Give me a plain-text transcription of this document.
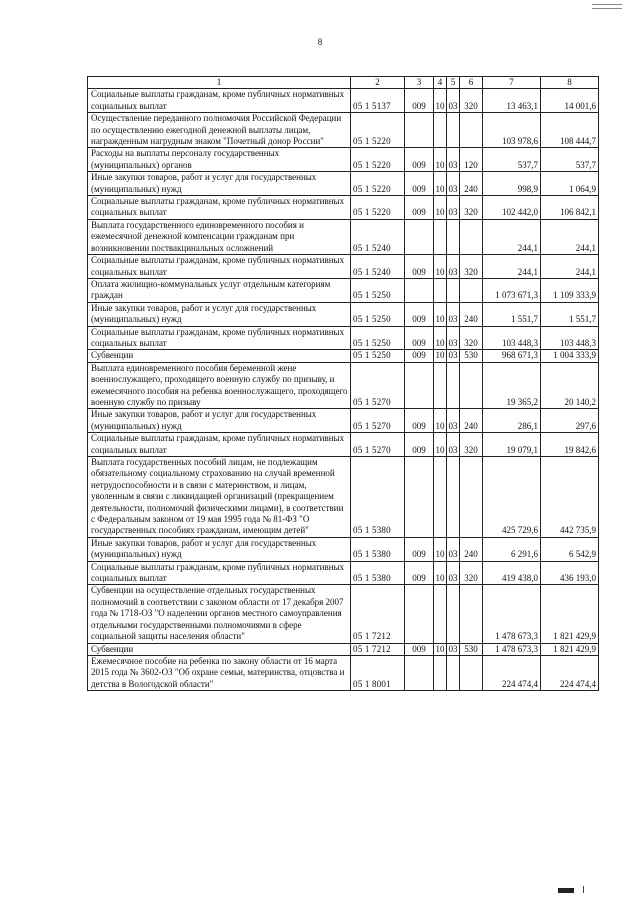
8
1	2	3	4	5	6	7	8
Социальные выплаты гражданам, кроме публичных нормативных социальных выплат	05 1 5137	009	10	03	320	13 463,1	14 001,6
Осуществление переданного полномочия Российской Федерации по осуществлению ежегодной денежной выплаты лицам, награжденным нагрудным знаком "Почетный донор России"	05 1 5220					103 978,6	108 444,7
Расходы на выплаты персоналу государственных (муниципальных) органов	05 1 5220	009	10	03	120	537,7	537,7
Иные закупки товаров, работ и услуг для государственных (муниципальных) нужд	05 1 5220	009	10	03	240	998,9	1 064,9
Социальные выплаты гражданам, кроме публичных нормативных социальных выплат	05 1 5220	009	10	03	320	102 442,0	106 842,1
Выплата государственного единовременного пособия и ежемесячной денежной компенсации гражданам при возникновении поствакцинальных осложнений	05 1 5240					244,1	244,1
Социальные выплаты гражданам, кроме публичных нормативных социальных выплат	05 1 5240	009	10	03	320	244,1	244,1
Оплата жилищно-коммунальных услуг отдельным категориям граждан	05 1 5250					1 073 671,3	1 109 333,9
Иные закупки товаров, работ и услуг для государственных (муниципальных) нужд	05 1 5250	009	10	03	240	1 551,7	1 551,7
Социальные выплаты гражданам, кроме публичных нормативных социальных выплат	05 1 5250	009	10	03	320	103 448,3	103 448,3
Субвенции	05 1 5250	009	10	03	530	968 671,3	1 004 333,9
Выплата единовременного пособия беременной жене военнослужащего, проходящего военную службу по призыву, и ежемесячного пособия на ребенка военнослужащего, проходящего военную службу по призыву	05 1 5270					19 365,2	20 140,2
Иные закупки товаров, работ и услуг для государственных (муниципальных) нужд	05 1 5270	009	10	03	240	286,1	297,6
Социальные выплаты гражданам, кроме публичных нормативных социальных выплат	05 1 5270	009	10	03	320	19 079,1	19 842,6
Выплата государственных пособий лицам, не подлежащим обязательному социальному страхованию на случай временной нетрудоспособности и в связи с материнством, и лицам, уволенным в связи с ликвидацией организаций (прекращением деятельности, полномочий физическими лицами), в соответствии с Федеральным законом от 19 мая 1995 года № 81-ФЗ "О государственных пособиях гражданам, имеющим детей"	05 1 5380					425 729,6	442 735,9
Иные закупки товаров, работ и услуг для государственных (муниципальных) нужд	05 1 5380	009	10	03	240	6 291,6	6 542,9
Социальные выплаты гражданам, кроме публичных нормативных социальных выплат	05 1 5380	009	10	03	320	419 438,0	436 193,0
Субвенции на осуществление отдельных государственных полномочий в соответствии с законом области от 17 декабря 2007 года № 1718-ОЗ "О наделении органов местного самоуправления отдельными государственными полномочиями в сфере социальной защиты населения области"	05 1 7212					1 478 673,3	1 821 429,9
Субвенции	05 1 7212	009	10	03	530	1 478 673,3	1 821 429,9
Ежемесячное пособие на ребенка по закону области от 16 марта 2015 года № 3602-ОЗ "Об охране семьи, материнства, отцовства и детства в Вологодской области"	05 1 8001					224 474,4	224 474,4
